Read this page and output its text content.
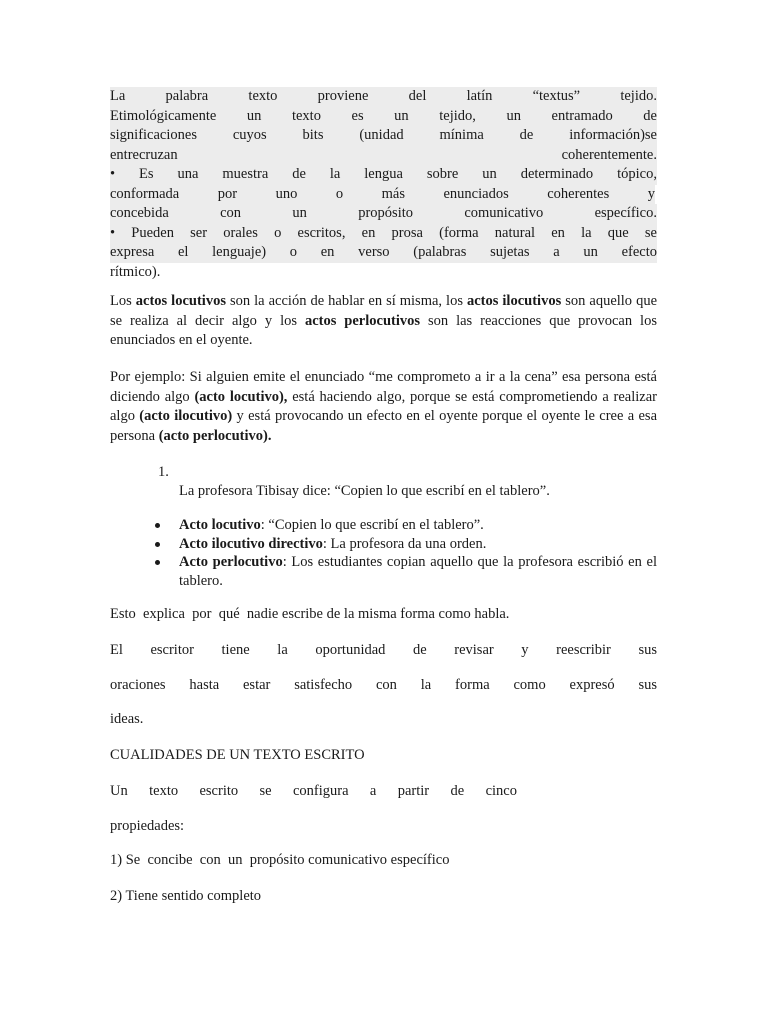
La palabra texto proviene del latín “textus” tejido.
Etimológicamente un texto es un tejido, un entramado de
significaciones cuyos bits (unidad mínima de información)se
entrecruzan	coherentemente.
• Es una muestra de la lengua sobre un determinado tópico,
conformada por uno o más enunciados coherentes y
concebida con un propósito comunicativo específico.
• Pueden ser orales o escritos, en prosa (forma natural en la que se
expresa el lenguaje) o en verso (palabras sujetas a un efecto
rítmico).
Los actos locutivos son la acción de hablar en sí misma, los actos ilocutivos son aquello que se realiza al decir algo y los actos perlocutivos son las reacciones que provocan los enunciados en el oyente.
Por ejemplo: Si alguien emite el enunciado “me comprometo a ir a la cena” esa persona está diciendo algo (acto locutivo), está haciendo algo, porque se está comprometiendo a realizar algo (acto ilocutivo) y está provocando un efecto en el oyente porque el oyente le cree a esa persona (acto perlocutivo).
1.
La profesora Tibisay dice: “Copien lo que escribí en el tablero”.
Acto locutivo: “Copien lo que escribí en el tablero”.
Acto ilocutivo directivo: La profesora da una orden.
Acto perlocutivo: Los estudiantes copian aquello que la profesora escribió en el tablero.
Esto  explica  por  qué  nadie escribe de la misma forma como habla.
El escritor tiene la oportunidad de revisar y reescribir sus
oraciones hasta estar satisfecho con la forma como expresó sus
ideas.
CUALIDADES DE UN TEXTO ESCRITO
Un texto escrito se configura a partir de cinco
propiedades:
1) Se  concibe  con  un  propósito comunicativo específico
2) Tiene sentido completo
